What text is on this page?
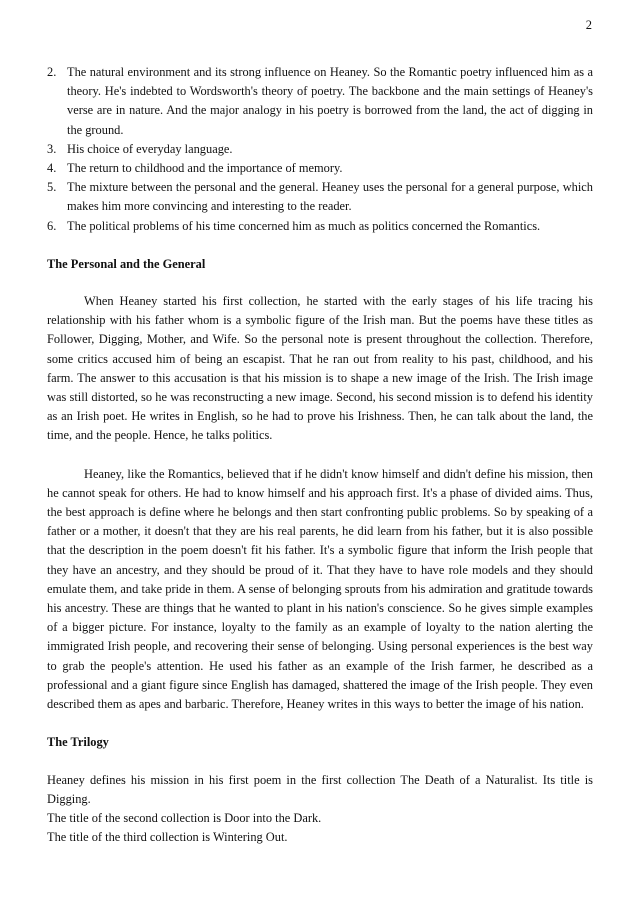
2
2. The natural environment and its strong influence on Heaney. So the Romantic poetry influenced him as a theory. He's indebted to Wordsworth's theory of poetry. The backbone and the main settings of Heaney's verse are in nature. And the major analogy in his poetry is borrowed from the land, the act of digging in the ground.
3. His choice of everyday language.
4. The return to childhood and the importance of memory.
5. The mixture between the personal and the general. Heaney uses the personal for a general purpose, which makes him more convincing and interesting to the reader.
6. The political problems of his time concerned him as much as politics concerned the Romantics.

The Personal and the General

When Heaney started his first collection, he started with the early stages of his life tracing his relationship with his father whom is a symbolic figure of the Irish man. But the poems have these titles as Follower, Digging, Mother, and Wife. So the personal note is present throughout the collection. Therefore, some critics accused him of being an escapist. That he ran out from reality to his past, childhood, and his farm. The answer to this accusation is that his mission is to shape a new image of the Irish. The Irish image was still distorted, so he was reconstructing a new image. Second, his second mission is to defend his identity as an Irish poet. He writes in English, so he had to prove his Irishness. Then, he can talk about the land, the time, and the people. Hence, he talks politics.

Heaney, like the Romantics, believed that if he didn't know himself and didn't define his mission, then he cannot speak for others. He had to know himself and his approach first. It's a phase of divided aims. Thus, the best approach is define where he belongs and then start confronting public problems. So by speaking of a father or a mother, it doesn't that they are his real parents, he did learn from his father, but it is also possible that the description in the poem doesn't fit his father. It's a symbolic figure that inform the Irish people that they have an ancestry, and they should be proud of it. That they have to have role models and they should emulate them, and take pride in them. A sense of belonging sprouts from his admiration and gratitude towards his ancestry. These are things that he wanted to plant in his nation's conscience. So he gives simple examples of a bigger picture. For instance, loyalty to the family as an example of loyalty to the nation alerting the immigrated Irish people, and recovering their sense of belonging. Using personal experiences is the best way to grab the people's attention. He used his father as an example of the Irish farmer, he described as a professional and a giant figure since English has damaged, shattered the image of the Irish people. They even described them as apes and barbaric. Therefore, Heaney writes in this ways to better the image of his nation.

The Trilogy

Heaney defines his mission in his first poem in the first collection The Death of a Naturalist. Its title is Digging.

The title of the second collection is Door into the Dark.

The title of the third collection is Wintering Out.
